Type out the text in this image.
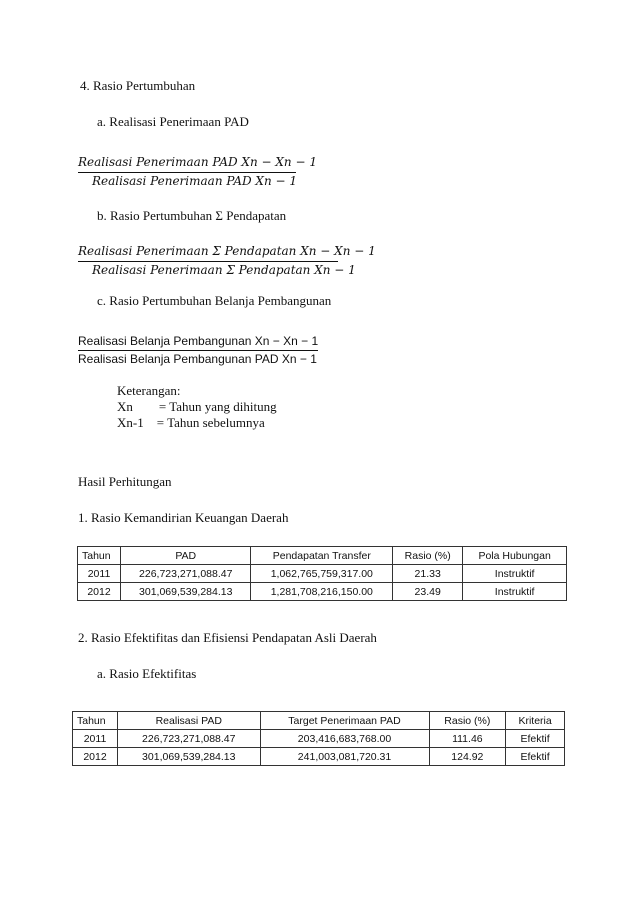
4. Rasio Pertumbuhan
a. Realisasi Penerimaan PAD
Realisasi Penerimaan PAD Xn − Xn − 1
Realisasi Penerimaan PAD Xn − 1
b. Rasio Pertumbuhan Σ Pendapatan
Realisasi Penerimaan Σ Pendapatan Xn − Xn − 1
Realisasi Penerimaan Σ Pendapatan Xn − 1
c. Rasio Pertumbuhan Belanja Pembangunan
Realisasi Belanja Pembangunan Xn − Xn − 1
Realisasi Belanja Pembangunan PAD Xn − 1
Keterangan:
Xn        = Tahun yang dihitung
Xn-1    = Tahun sebelumnya
Hasil Perhitungan
1. Rasio Kemandirian Keuangan Daerah
Tahun	PAD	Pendapatan Transfer	Rasio (%)	Pola Hubungan
2011	226,723,271,088.47	1,062,765,759,317.00	21.33	Instruktif
2012	301,069,539,284.13	1,281,708,216,150.00	23.49	Instruktif
2. Rasio Efektifitas dan Efisiensi Pendapatan Asli Daerah
a. Rasio Efektifitas
Tahun	Realisasi PAD	Target Penerimaan PAD	Rasio (%)	Kriteria
2011	226,723,271,088.47	203,416,683,768.00	111.46	Efektif
2012	301,069,539,284.13	241,003,081,720.31	124.92	Efektif
